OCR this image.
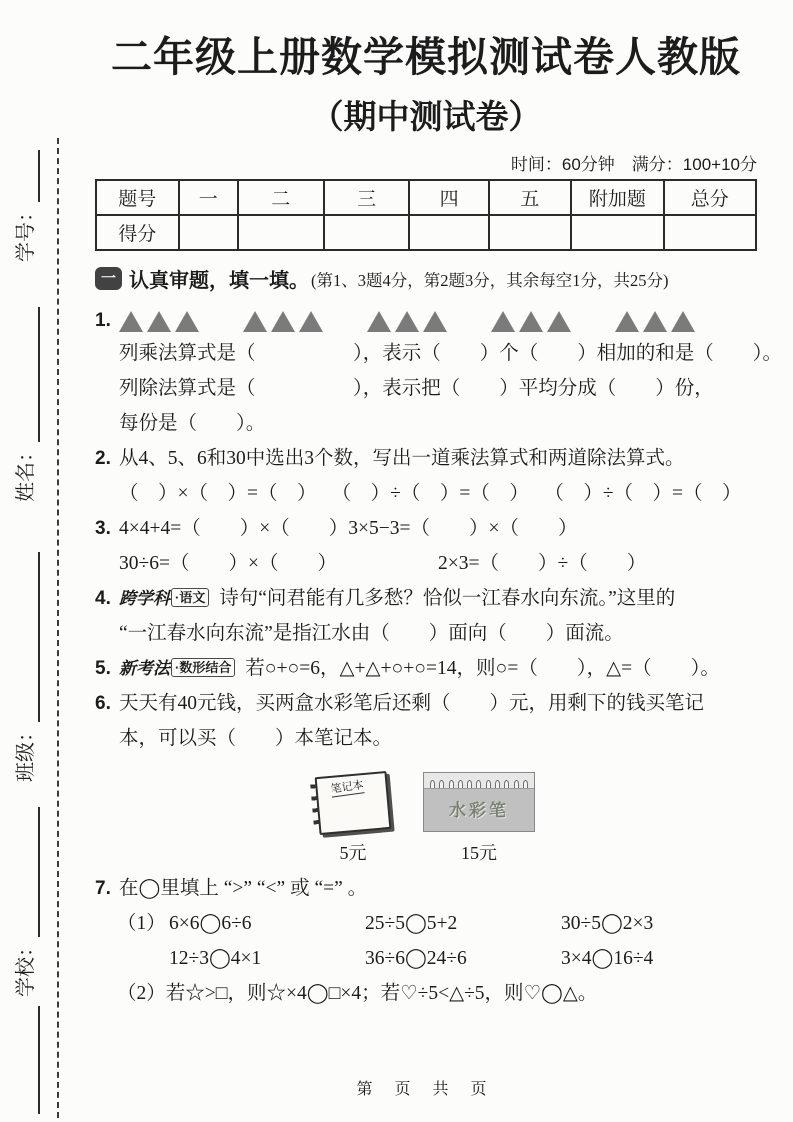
学号：
姓名：
班级：
学校：
二年级上册数学模拟测试卷人教版
（期中测试卷）
时间：60分钟　满分：100+10分
题号	一	二	三	四	五	附加题	总分
得分							
一 认真审题，填一填。 (第1、3题4分，第2题3分，其余每空1分，共25分)
1.
列乘法算式是（　　　　　），表示（　　）个（　　）相加的和是（　　）。
列除法算式是（　　　　　），表示把（　　）平均分成（　　）份，
每份是（　　）。
2. 从4、5、6和30中选出3个数，写出一道乘法算式和两道除法算式。
（　）×（　）=（　） （　）÷（　）=（　） （　）÷（　）=（　）
3. 4×4+4=（　　）×（　　） 3×5−3=（　　）×（　　）
30÷6=（　　）×（　　）	2×3=（　　）÷（　　）
4. 跨学科 ·语文 诗句“问君能有几多愁？恰似一江春水向东流。”这里的
“一江春水向东流”是指江水由（　　）面向（　　）面流。
5. 新考法 ·数形结合 若○+○=6，△+△+○+○=14，则○=（　　），△=（　　）。
6. 天天有40元钱，买两盒水彩笔后还剩（　　）元，用剩下的钱买笔记
本，可以买（　　）本笔记本。
笔记本
5元
水彩笔
15元
7. 在◯里填上 “>” “<” 或 “=” 。
（1） 6×6◯6÷6	25÷5◯5+2	30÷5◯2×3
12÷3◯4×1	36÷6◯24÷6	3×4◯16÷4
（2）若☆>□，则☆×4◯□×4；若♡÷5<△÷5，则♡◯△。
第 页 共 页
